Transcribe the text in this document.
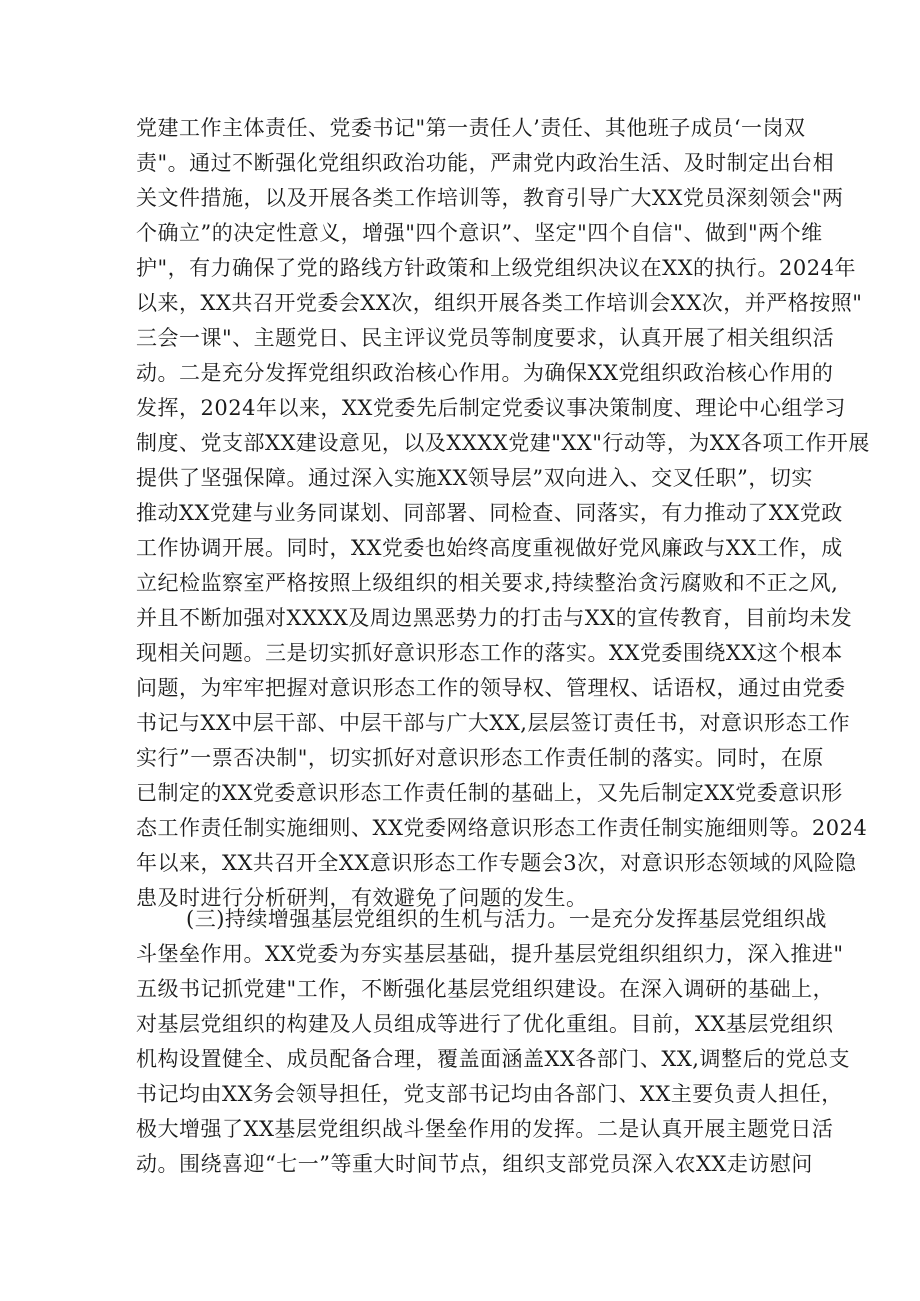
党建工作主体责任、党委书记"第一责任人’责任、其他班子成员‘一岗双
责"。通过不断强化党组织政治功能，严肃党内政治生活、及时制定出台相
关文件措施，以及开展各类工作培训等，教育引导广大XX党员深刻领会"两
个确立”的决定性意义，增强"四个意识”、坚定"四个自信"、做到"两个维
护"，有力确保了党的路线方针政策和上级党组织决议在XX的执行。2024年
以来，XX共召开党委会XX次，组织开展各类工作培训会XX次，并严格按照"
三会一课"、主题党日、民主评议党员等制度要求，认真开展了相关组织活
动。二是充分发挥党组织政治核心作用。为确保XX党组织政治核心作用的
发挥，2024年以来，XX党委先后制定党委议事决策制度、理论中心组学习
制度、党支部XX建设意见，以及XXXX党建"XX"行动等，为XX各项工作开展
提供了坚强保障。通过深入实施XX领导层”双向进入、交叉任职”，切实
推动XX党建与业务同谋划、同部署、同检查、同落实，有力推动了XX党政
工作协调开展。同时，XX党委也始终高度重视做好党风廉政与XX工作，成
立纪检监察室严格按照上级组织的相关要求,持续整治贪污腐败和不正之风,
并且不断加强对XXXX及周边黑恶势力的打击与XX的宣传教育，目前均未发
现相关问题。三是切实抓好意识形态工作的落实。XX党委围绕XX这个根本
问题，为牢牢把握对意识形态工作的领导权、管理权、话语权，通过由党委
书记与XX中层干部、中层干部与广大XX,层层签订责任书，对意识形态工作
实行”一票否决制"，切实抓好对意识形态工作责任制的落实。同时，在原
已制定的XX党委意识形态工作责任制的基础上，又先后制定XX党委意识形
态工作责任制实施细则、XX党委网络意识形态工作责任制实施细则等。2024
年以来，XX共召开全XX意识形态工作专题会3次，对意识形态领域的风险隐
患及时进行分析研判，有效避免了问题的发生。
(三)持续增强基层党组织的生机与活力。一是充分发挥基层党组织战
斗堡垒作用。XX党委为夯实基层基础，提升基层党组织组织力，深入推进"
五级书记抓党建"工作，不断强化基层党组织建设。在深入调研的基础上，
对基层党组织的构建及人员组成等进行了优化重组。目前，XX基层党组织
机构设置健全、成员配备合理，覆盖面涵盖XX各部门、XX,调整后的党总支
书记均由XX务会领导担任，党支部书记均由各部门、XX主要负责人担任，
极大增强了XX基层党组织战斗堡垒作用的发挥。二是认真开展主题党日活
动。围绕喜迎“七一”等重大时间节点，组织支部党员深入农XX走访慰问
